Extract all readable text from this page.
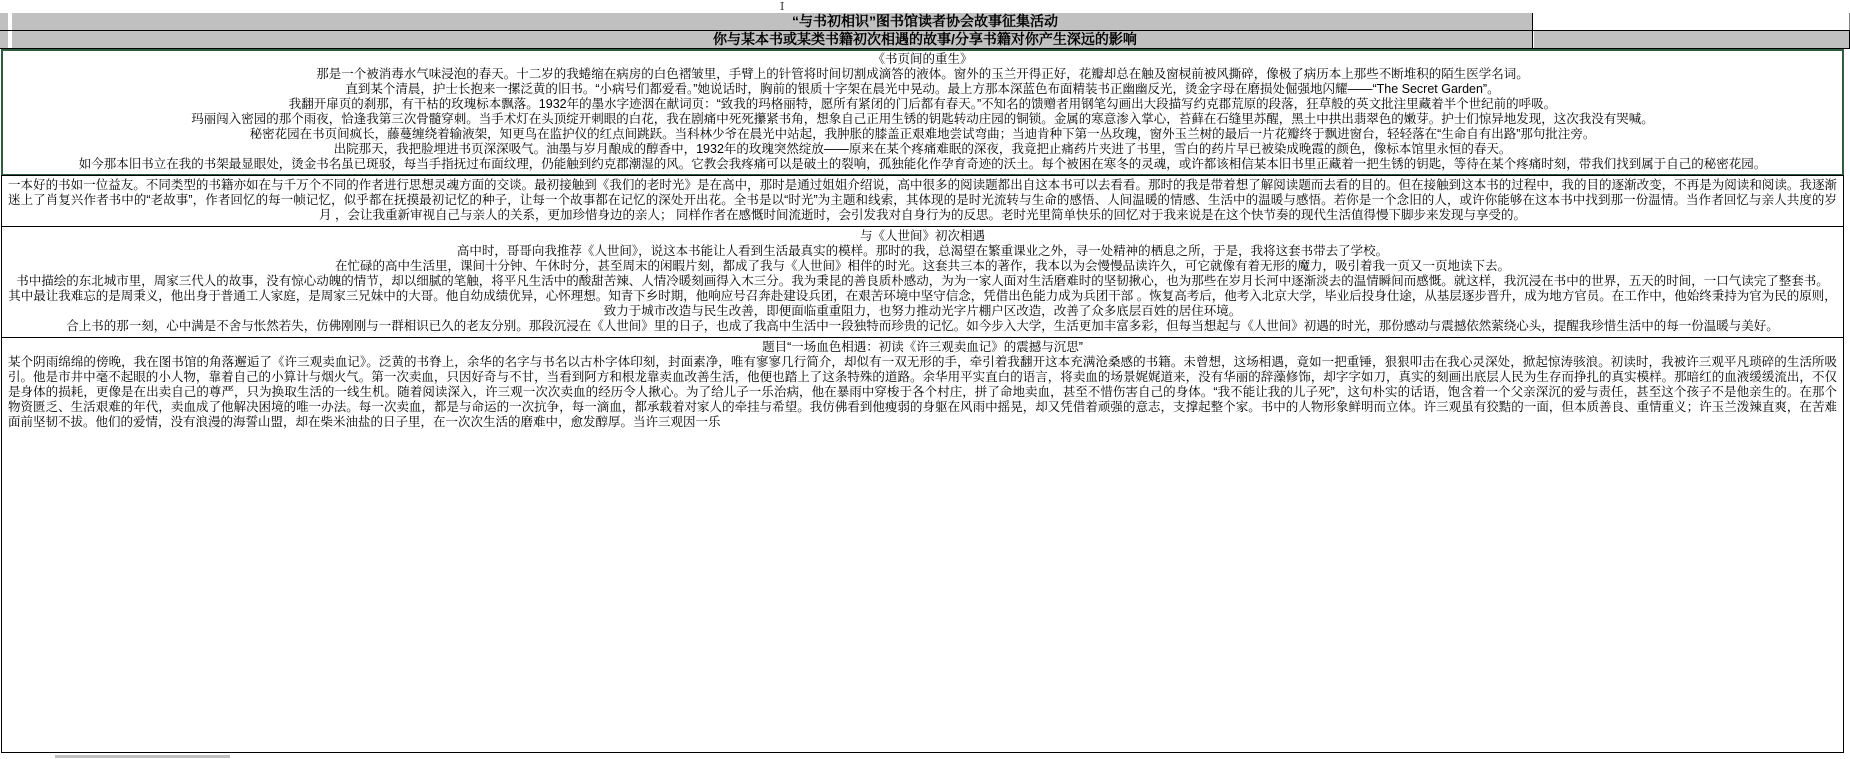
I
“与书初相识”图书馆读者协会故事征集活动
你与某本书或某类书籍初次相遇的故事/分享书籍对你产生深远的影响

《书页间的重生》

那是一个被消毒水气味浸泡的春天。十二岁的我蜷缩在病房的白色褶皱里，手臂上的针管将时间切割成滴答的液体。窗外的玉兰开得正好，花瓣却总在触及窗棂前被风撕碎，像极了病历本上那些不断堆积的陌生医学名词。

直到某个清晨，护士长抱来一摞泛黄的旧书。“小病号们都爱看。”她说话时，胸前的银质十字架在晨光中晃动。最上方那本深蓝色布面精装书正幽幽反光，烫金字母在磨损处倔强地闪耀——“The Secret Garden”。

我翻开扉页的刹那，有干枯的玫瑰标本飘落。1932年的墨水字迹洇在献词页：“致我的玛格丽特，愿所有紧闭的门后都有春天。”不知名的馈赠者用钢笔勾画出大段描写约克郡荒原的段落，狂草般的英文批注里藏着半个世纪前的呼吸。

玛丽闯入密园的那个雨夜，恰逢我第三次骨髓穿刺。当手术灯在头顶绽开刺眼的白花，我在剧痛中死死攥紧书角，想象自己正用生锈的钥匙转动庄园的铜锁。金属的寒意渗入掌心，苔藓在石缝里苏醒，黑土中拱出翡翠色的嫩芽。护士们惊异地发现，这次我没有哭喊。

秘密花园在书页间疯长，藤蔓缠绕着输液架，知更鸟在监护仪的红点间跳跃。当科林少爷在晨光中站起，我肿胀的膝盖正艰难地尝试弯曲；当迪肯种下第一丛玫瑰，窗外玉兰树的最后一片花瓣终于飘进窗台，轻轻落在“生命自有出路”那句批注旁。

出院那天，我把脸埋进书页深深吸气。油墨与岁月酿成的醇香中，1932年的玫瑰突然绽放——原来在某个疼痛难眠的深夜，我竟把止痛药片夹进了书里，雪白的药片早已被染成晚霞的颜色，像标本馆里永恒的春天。

如今那本旧书立在我的书架最显眼处，烫金书名虽已斑驳，每当手指抚过布面纹理，仍能触到约克郡潮湿的风。它教会我疼痛可以是破土的裂响，孤独能化作孕育奇迹的沃土。每个被困在寒冬的灵魂，或许都该相信某本旧书里正藏着一把生锈的钥匙，等待在某个疼痛时刻，带我们找到属于自己的秘密花园。

一本好的书如一位益友。不同类型的书籍亦如在与千万个不同的作者进行思想灵魂方面的交谈。最初接触到《我们的老时光》是在高中，那时是通过姐姐介绍说，高中很多的阅读题都出自这本书可以去看看。那时的我是带着想了解阅读题而去看的目的。但在接触到这本书的过程中，我的目的逐渐改变，不再是为阅读和阅读。我逐渐迷上了肖复兴作者书中的“老故事”，作者回忆的每一帧记忆，似乎都在抚摸最初记忆的种子，让每一个故事都在记忆的深处开出花。全书是以“时光”为主题和线索，其体现的是时光流转与生命的感悟、人间温暖的情感、生活中的温暖与感悟。若你是一个念旧的人，或许你能够在这本书中找到那一份温情。当作者回忆与亲人共度的岁月 ，会让我重新审视自己与亲人的关系，更加珍惜身边的亲人； 同样作者在感慨时间流逝时，会引发我对自身行为的反思。老时光里简单快乐的回忆对于我来说是在这个快节奏的现代生活值得慢下脚步来发现与享受的。

与《人世间》初次相遇

高中时，哥哥向我推荐《人世间》，说这本书能让人看到生活最真实的模样。那时的我，总渴望在繁重课业之外，寻一处精神的栖息之所，于是，我将这套书带去了学校。

在忙碌的高中生活里，课间十分钟、午休时分，甚至周末的闲暇片刻，都成了我与《人世间》相伴的时光。这套共三本的著作，我本以为会慢慢品读许久，可它就像有着无形的魔力，吸引着我一页又一页地读下去。

书中描绘的东北城市里，周家三代人的故事，没有惊心动魄的情节，却以细腻的笔触，将平凡生活中的酸甜苦辣、人情冷暖刻画得入木三分。我为秉昆的善良质朴感动，为为一家人面对生活磨难时的坚韧揪心，也为那些在岁月长河中逐渐淡去的温情瞬间而感慨。就这样，我沉浸在书中的世界，五天的时间，一口气读完了整套书。

其中最让我难忘的是周秉义，他出身于普通工人家庭，是周家三兄妹中的大哥。他自幼成绩优异，心怀理想。知青下乡时期，他响应号召奔赴建设兵团，在艰苦环境中坚守信念，凭借出色能力成为兵团干部 。恢复高考后，他考入北京大学，毕业后投身仕途，从基层逐步晋升，成为地方官员。在工作中，他始终秉持为官为民的原则，致力于城市改造与民生改善，即便面临重重阻力，也努力推动光字片棚户区改造，改善了众多底层百姓的居住环境。

合上书的那一刻，心中满是不舍与怅然若失，仿佛刚刚与一群相识已久的老友分别。那段沉浸在《人世间》里的日子，也成了我高中生活中一段独特而珍贵的记忆。如今步入大学，生活更加丰富多彩，但每当想起与《人世间》初遇的时光，那份感动与震撼依然萦绕心头，提醒我珍惜生活中的每一份温暖与美好。

题目“一场血色相遇：初读《许三观卖血记》的震撼与沉思”

某个阴雨绵绵的傍晚，我在图书馆的角落邂逅了《许三观卖血记》。泛黄的书脊上，余华的名字与书名以古朴字体印刻，封面素净，唯有寥寥几行简介，却似有一双无形的手，牵引着我翻开这本充满沧桑感的书籍。未曾想，这场相遇，竟如一把重锤，狠狠叩击在我心灵深处，掀起惊涛骇浪。初读时，我被许三观平凡琐碎的生活所吸引。他是市井中毫不起眼的小人物，靠着自己的小算计与烟火气。第一次卖血，只因好奇与不甘，当看到阿方和根龙靠卖血改善生活，他便也踏上了这条特殊的道路。余华用平实直白的语言，将卖血的场景娓娓道来，没有华丽的辞藻修饰，却字字如刀，真实的刻画出底层人民为生存而挣扎的真实模样。那暗红的血液缓缓流出，不仅是身体的损耗，更像是在出卖自己的尊严，只为换取生活的一线生机。随着阅读深入，许三观一次次卖血的经历令人揪心。为了给儿子一乐治病，他在暴雨中穿梭于各个村庄，拼了命地卖血，甚至不惜伤害自己的身体。“我不能让我的儿子死”，这句朴实的话语，饱含着一个父亲深沉的爱与责任，甚至这个孩子不是他亲生的。在那个物资匮乏、生活艰难的年代，卖血成了他解决困境的唯一办法。每一次卖血，都是与命运的一次抗争，每一滴血，都承载着对家人的牵挂与希望。我仿佛看到他瘦弱的身躯在风雨中摇晃，却又凭借着顽强的意志，支撑起整个家。书中的人物形象鲜明而立体。许三观虽有狡黠的一面，但本质善良、重情重义；许玉兰泼辣直爽，在苦难面前坚韧不拔。他们的爱情，没有浪漫的海誓山盟，却在柴米油盐的日子里，在一次次生活的磨难中，愈发醇厚。当许三观因一乐
